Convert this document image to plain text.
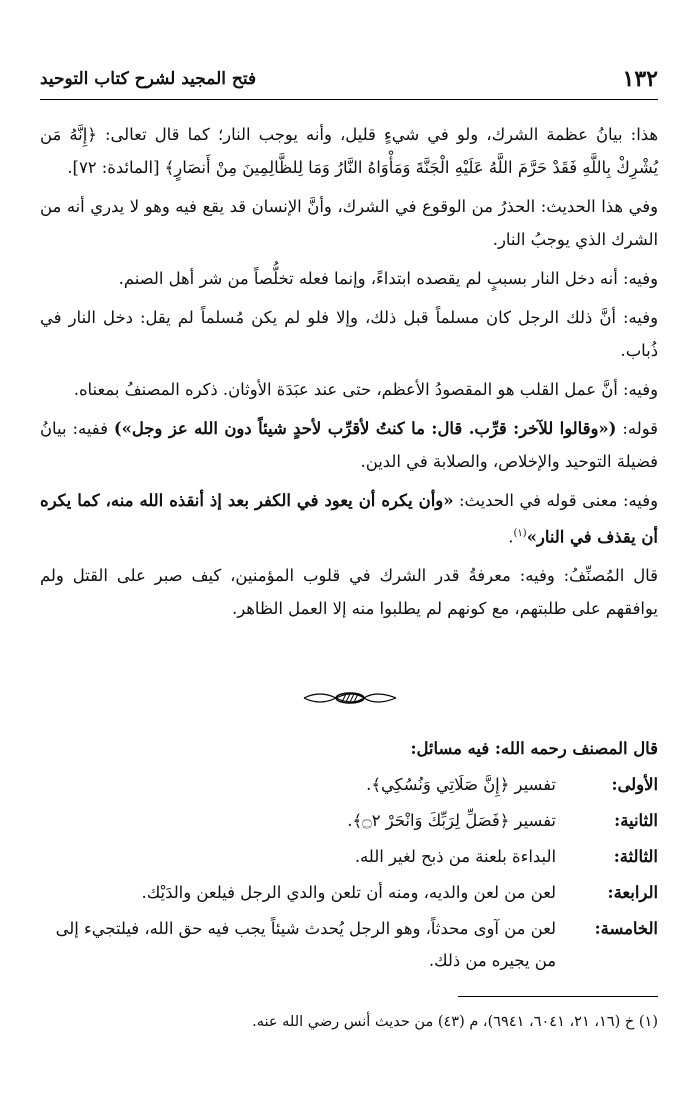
١٣٢
فتح المجيد لشرح كتاب التوحيد

هذا: بيانُ عظمة الشرك، ولو في شيءٍ قليل، وأنه يوجب النار؛ كما قال تعالى: ﴿إِنَّهُ مَن يُشْرِكْ بِاللَّهِ فَقَدْ حَرَّمَ اللَّهُ عَلَيْهِ الْجَنَّةَ وَمَأْوَاهُ النَّارُ وَمَا لِلظَّالِمِينَ مِنْ أَنصَارٍ﴾ [المائدة: ٧٢].

وفي هذا الحديث: الحذرُ من الوقوع في الشرك، وأنَّ الإنسان قد يقع فيه وهو لا يدري أنه من الشرك الذي يوجبُ النار.

وفيه: أنه دخل النار بسببٍ لم يقصده ابتداءً، وإنما فعله تخلُّصاً من شر أهل الصنم.

وفيه: أنَّ ذلك الرجل كان مسلماً قبل ذلك، وإلا فلو لم يكن مُسلماً لم يقل: دخل النار في ذُباب.

وفيه: أنَّ عمل القلب هو المقصودُ الأعظم، حتى عند عبَدَة الأوثان. ذكره المصنفُ بمعناه.

قوله: («وقالوا للآخر: قرِّب. قال: ما كنتُ لأقرِّب لأحدٍ شيئاً دون الله عز وجل») ففيه: بيانُ فضيلة التوحيد والإخلاص، والصلابة في الدين.

وفيه: معنى قوله في الحديث: «وأن يكره أن يعود في الكفر بعد إذ أنقذه الله منه، كما يكره أن يقذف في النار»$^{(١)}$.

قال المُصنِّفُ: وفيه: معرفةُ قدر الشرك في قلوب المؤمنين، كيف صبر على القتل ولم يوافقهم على طلبتهم، مع كونهم لم يطلبوا منه إلا العمل الظاهر.

قال المصنف رحمه الله: فيه مسائل:
الأولى:
تفسير ﴿إِنَّ صَلَاتِي وَنُسُكِي﴾.
الثانية:
تفسير ﴿فَصَلِّ لِرَبِّكَ وَانْحَرْ ۝٢﴾.
الثالثة:
البداءة بلعنة من ذبح لغير الله.
الرابعة:
لعن من لعن والديه، ومنه أن تلعن والدي الرجل فيلعن والدَيْك.
الخامسة:
لعن من آوى محدثاً، وهو الرجل يُحدث شيئاً يجب فيه حق الله، فيلتجيء إلى من يجيره من ذلك.
(١) خ (١٦، ٢١، ٦٠٤١، ٦٩٤١)، م (٤٣) من حديث أنس رضي الله عنه.
